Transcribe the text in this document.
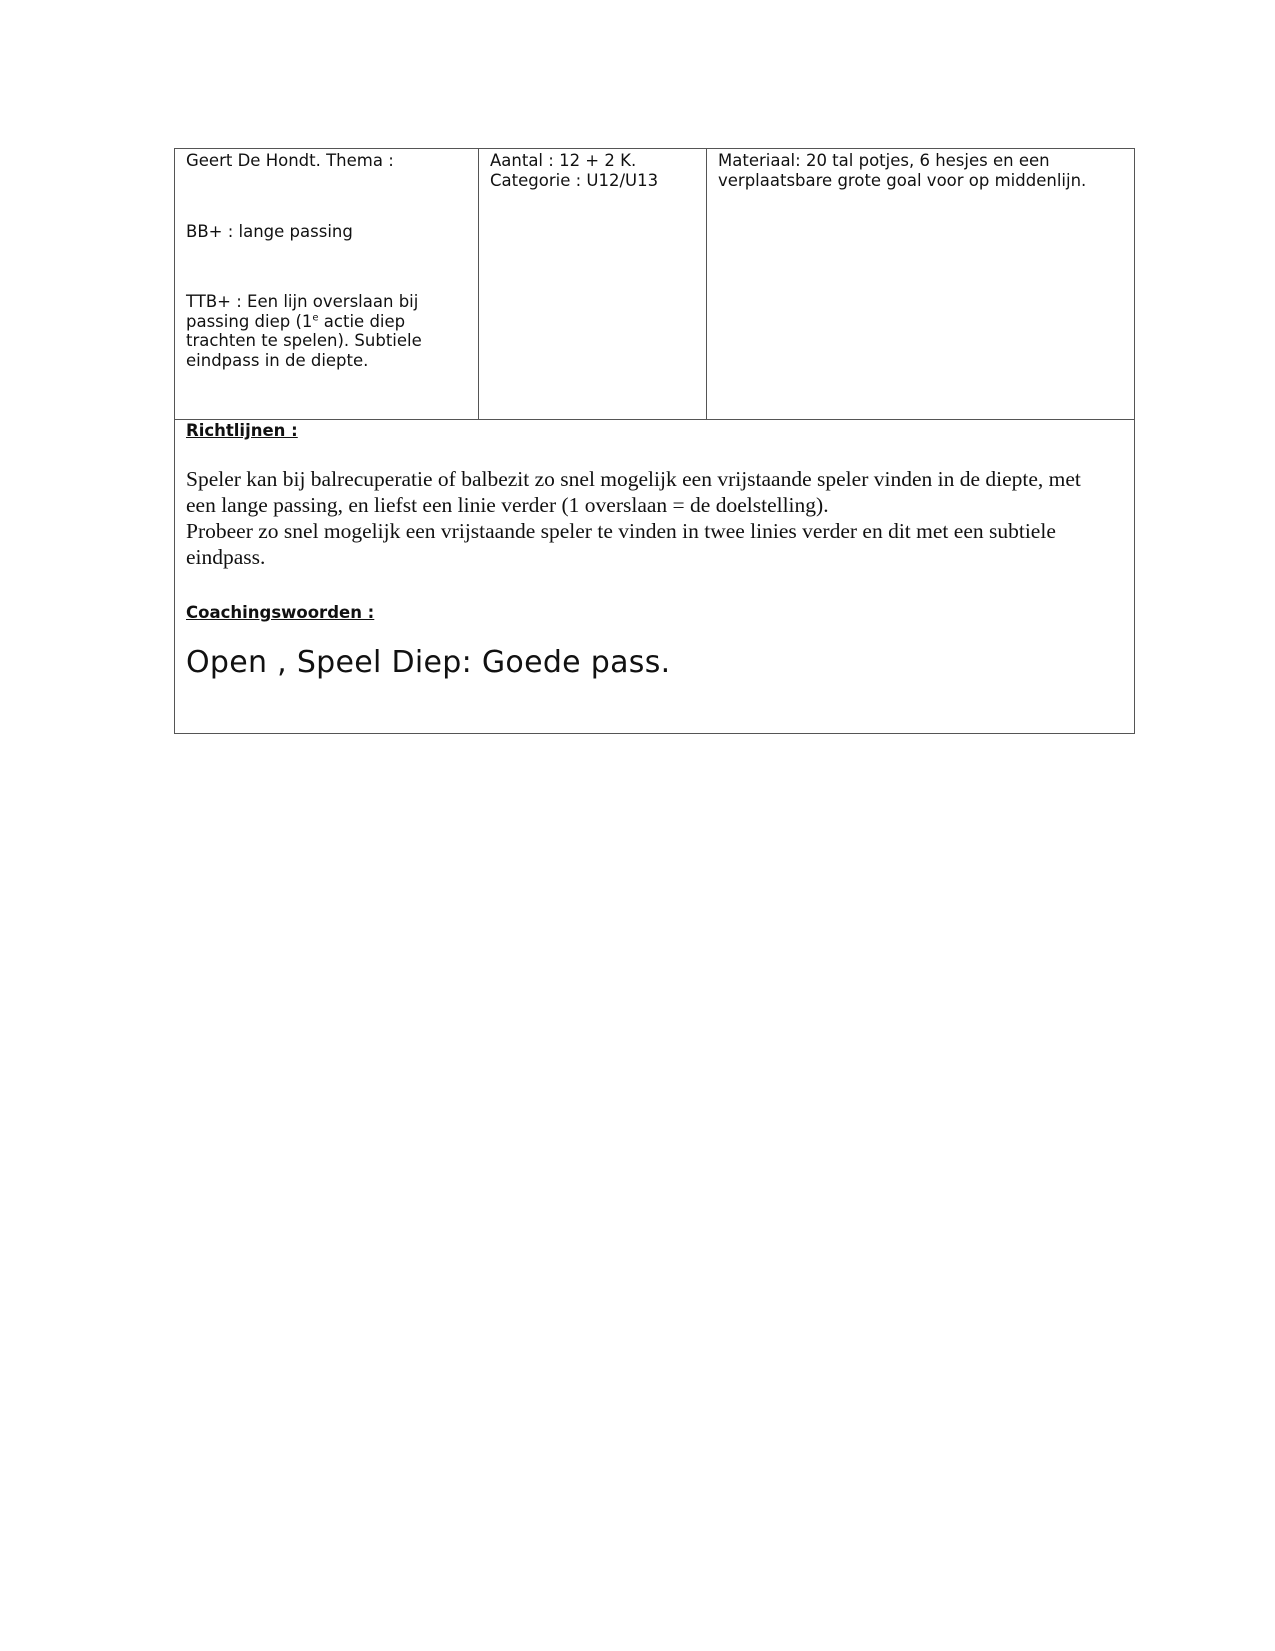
Geert De Hondt. Thema :
BB+ : lange passing
TTB+ : Een lijn overslaan bij passing diep (1e actie diep trachten te spelen). Subtiele eindpass in de diepte.
Aantal : 12 + 2 K.
Categorie : U12/U13
Materiaal: 20 tal potjes, 6 hesjes en een
verplaatsbare grote goal voor op middenlijn.
Richtlijnen :

Speler kan bij balrecuperatie of balbezit zo snel mogelijk een vrijstaande speler vinden in de diepte, met een lange passing, en liefst een linie verder (1 overslaan = de doelstelling).

Probeer zo snel mogelijk een vrijstaande speler te vinden in twee linies verder en dit met een subtiele eindpass.

Coachingswoorden :
Open , Speel Diep: Goede pass.
